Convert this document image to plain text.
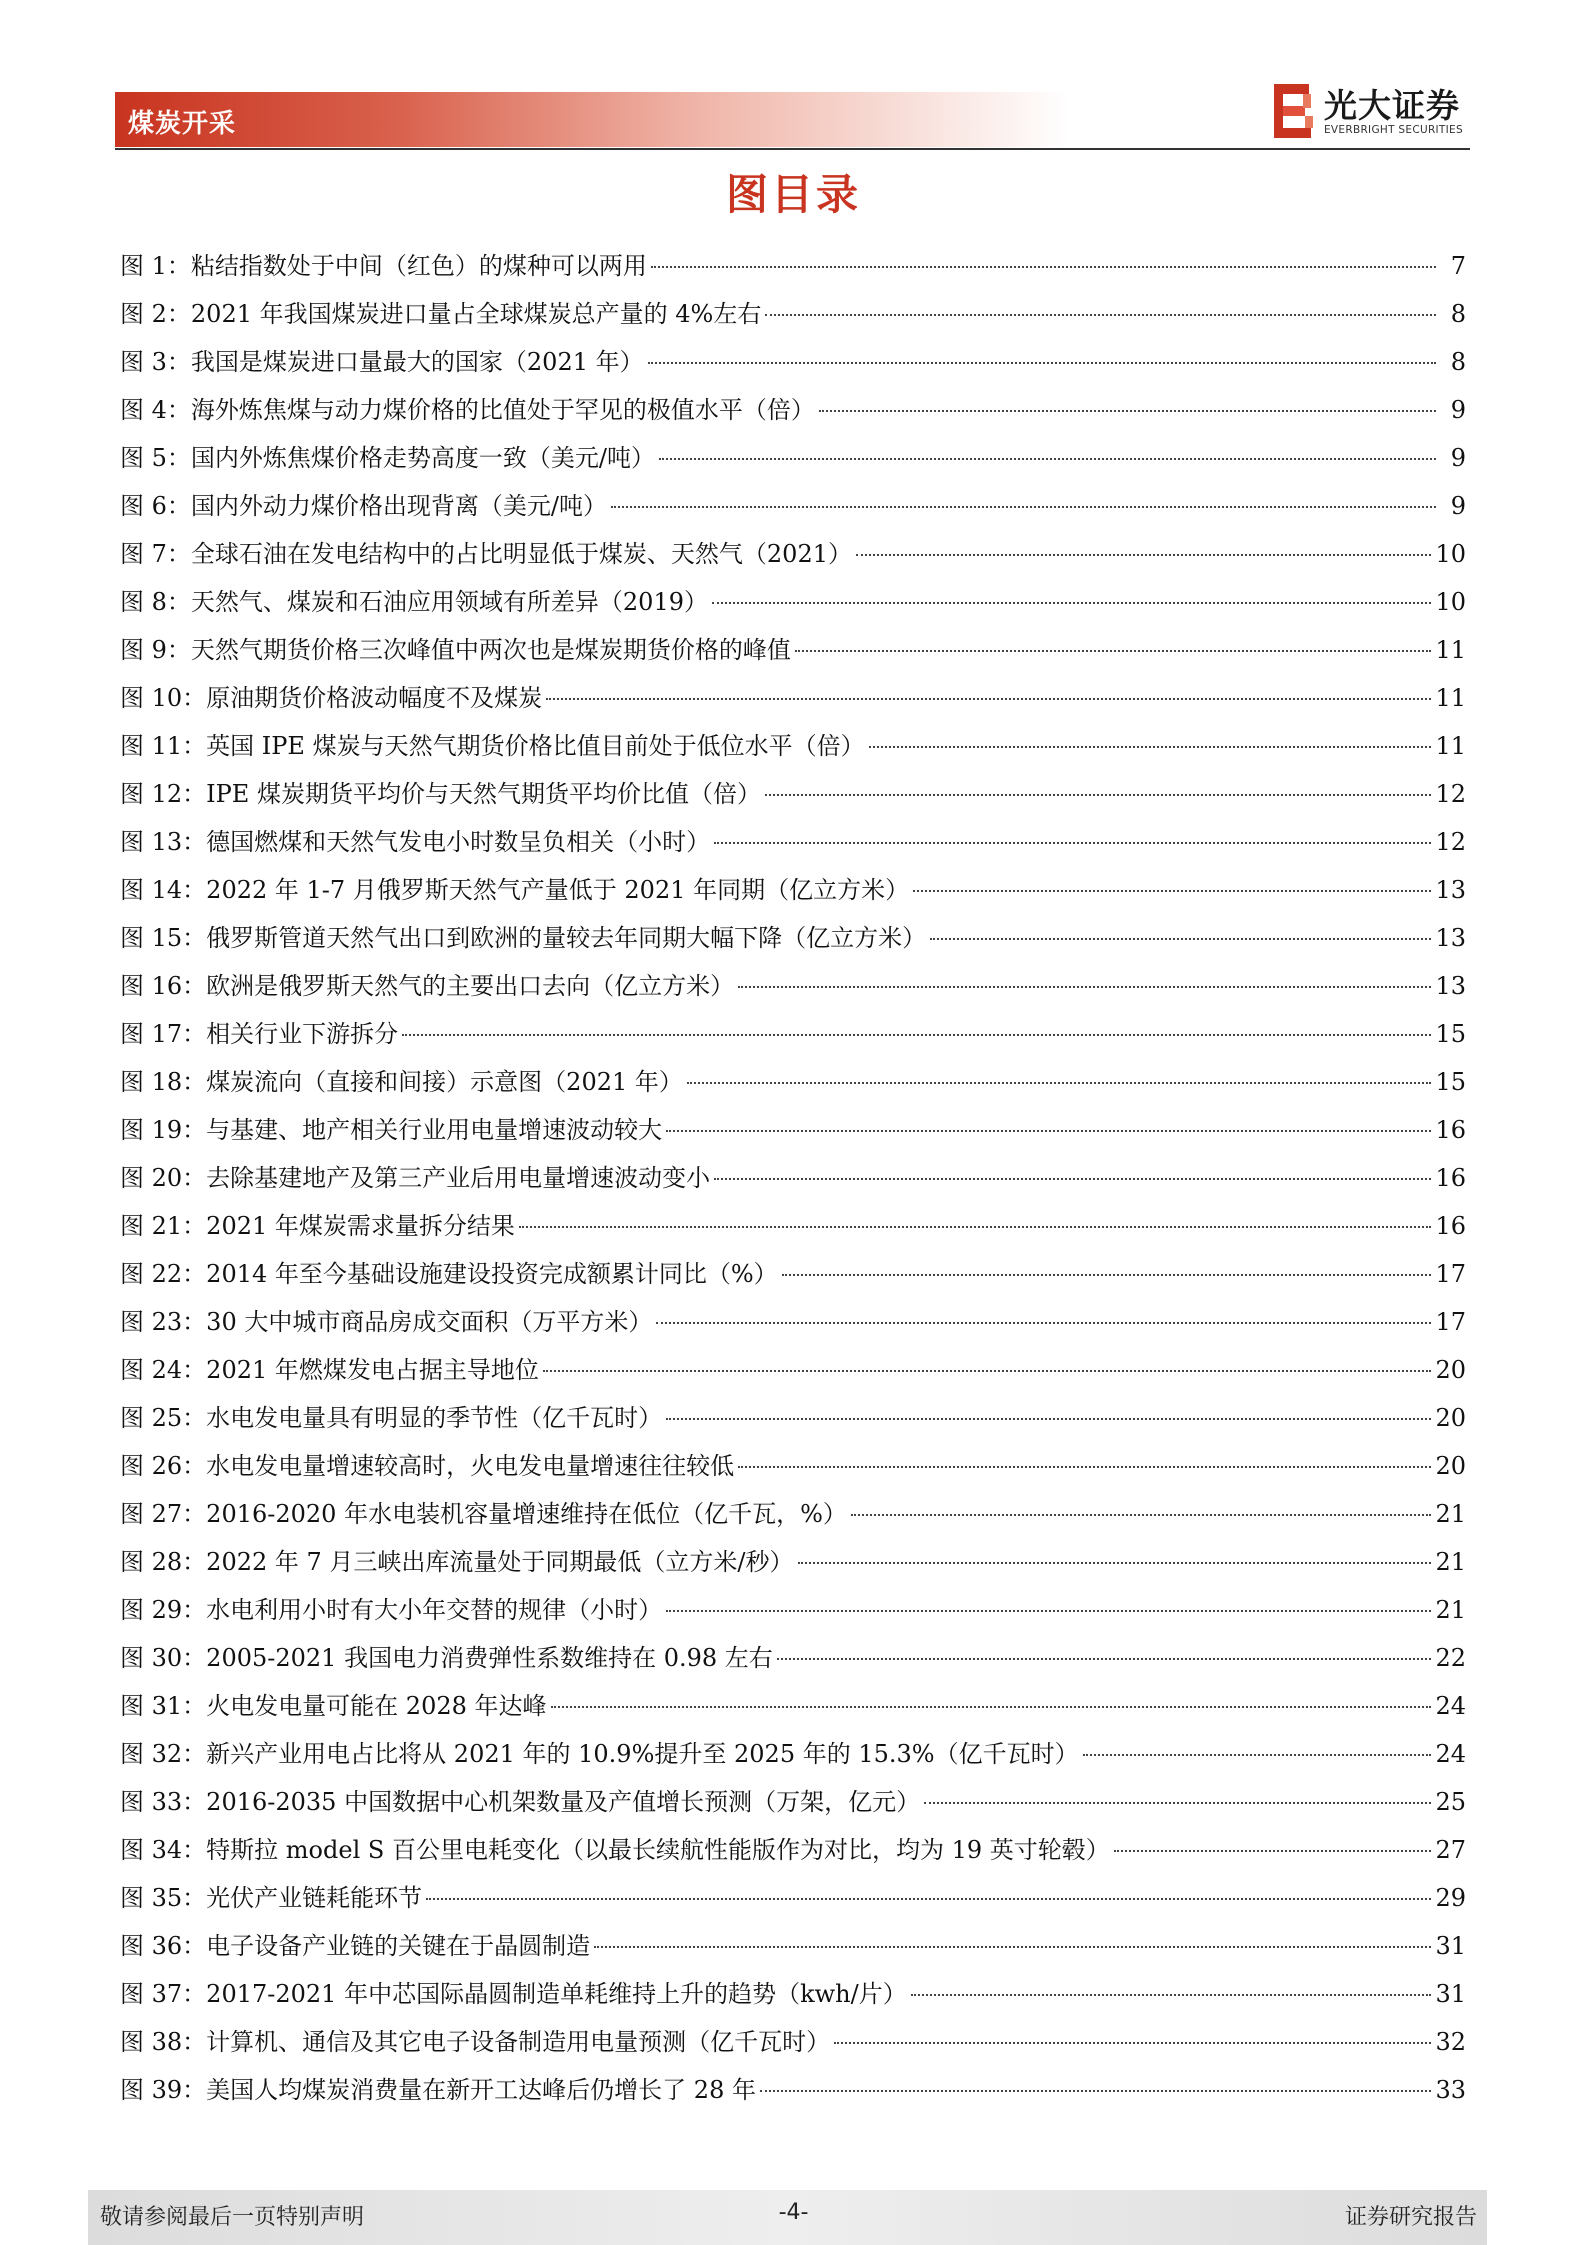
煤炭开采	光大证券
EVERBRIGHT SECURITIES
图目录
图 1： 粘结指数处于中间（红色）的煤种可以两用	7
图 2： 2021 年我国煤炭进口量占全球煤炭总产量的 4%左右	8
图 3： 我国是煤炭进口量最大的国家（2021 年）	8
图 4： 海外炼焦煤与动力煤价格的比值处于罕见的极值水平（倍）	9
图 5： 国内外炼焦煤价格走势高度一致（美元/吨）	9
图 6： 国内外动力煤价格出现背离（美元/吨）	9
图 7： 全球石油在发电结构中的占比明显低于煤炭、天然气（2021）	10
图 8： 天然气、煤炭和石油应用领域有所差异（2019）	10
图 9： 天然气期货价格三次峰值中两次也是煤炭期货价格的峰值	11
图 10： 原油期货价格波动幅度不及煤炭	11
图 11： 英国 IPE 煤炭与天然气期货价格比值目前处于低位水平（倍）	11
图 12： IPE 煤炭期货平均价与天然气期货平均价比值（倍）	12
图 13： 德国燃煤和天然气发电小时数呈负相关（小时）	12
图 14： 2022 年 1-7 月俄罗斯天然气产量低于 2021 年同期（亿立方米）	13
图 15： 俄罗斯管道天然气出口到欧洲的量较去年同期大幅下降（亿立方米）	13
图 16： 欧洲是俄罗斯天然气的主要出口去向（亿立方米）	13
图 17： 相关行业下游拆分	15
图 18： 煤炭流向（直接和间接）示意图（2021 年）	15
图 19： 与基建、地产相关行业用电量增速波动较大	16
图 20： 去除基建地产及第三产业后用电量增速波动变小	16
图 21： 2021 年煤炭需求量拆分结果	16
图 22： 2014 年至今基础设施建设投资完成额累计同比（%）	17
图 23： 30 大中城市商品房成交面积（万平方米）	17
图 24： 2021 年燃煤发电占据主导地位	20
图 25： 水电发电量具有明显的季节性（亿千瓦时）	20
图 26： 水电发电量增速较高时，火电发电量增速往往较低	20
图 27： 2016-2020 年水电装机容量增速维持在低位（亿千瓦，%）	21
图 28： 2022 年 7 月三峡出库流量处于同期最低（立方米/秒）	21
图 29： 水电利用小时有大小年交替的规律（小时）	21
图 30： 2005-2021 我国电力消费弹性系数维持在 0.98 左右	22
图 31： 火电发电量可能在 2028 年达峰	24
图 32： 新兴产业用电占比将从 2021 年的 10.9%提升至 2025 年的 15.3%（亿千瓦时）	24
图 33： 2016-2035 中国数据中心机架数量及产值增长预测（万架，亿元）	25
图 34： 特斯拉 model S 百公里电耗变化（以最长续航性能版作为对比，均为 19 英寸轮毂）	27
图 35： 光伏产业链耗能环节	29
图 36： 电子设备产业链的关键在于晶圆制造	31
图 37： 2017-2021 年中芯国际晶圆制造单耗维持上升的趋势（kwh/片）	31
图 38： 计算机、通信及其它电子设备制造用电量预测（亿千瓦时）	32
图 39： 美国人均煤炭消费量在新开工达峰后仍增长了 28 年	33
敬请参阅最后一页特别声明	-4-	证券研究报告
